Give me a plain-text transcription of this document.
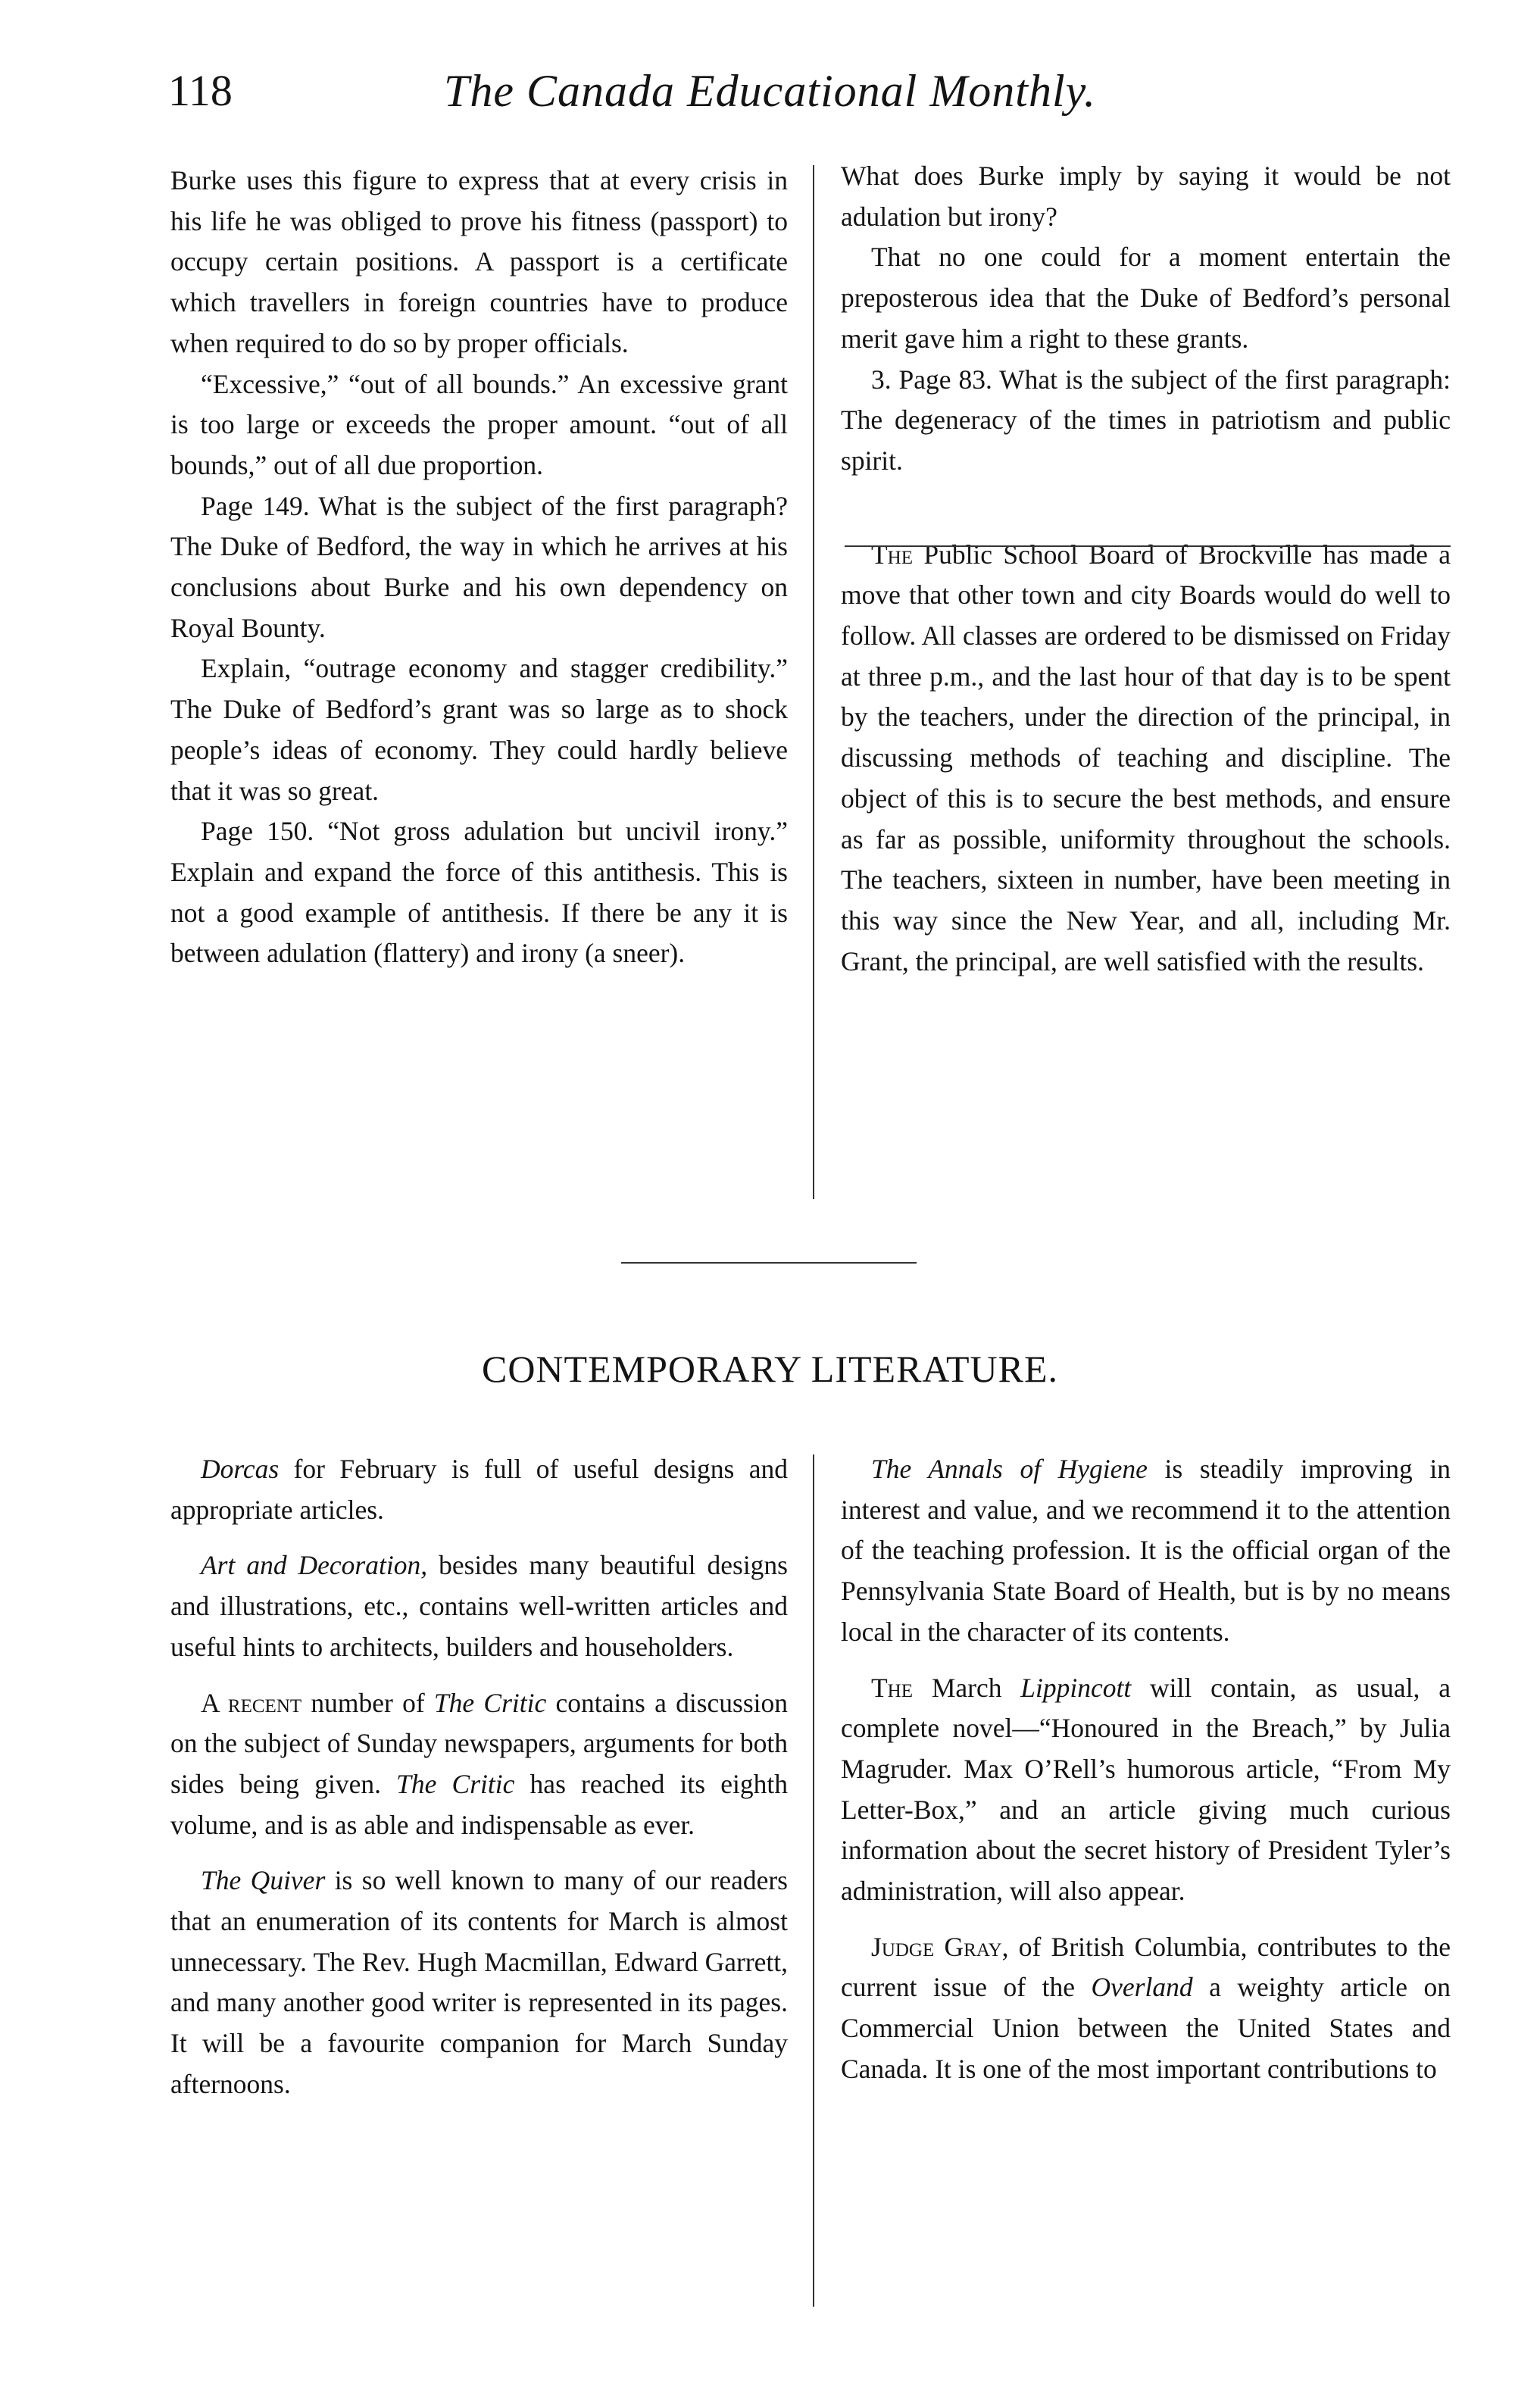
118	The Canada Educational Monthly.

Burke uses this figure to express that at every crisis in his life he was obliged to prove his fitness (passport) to occupy certain positions. A passport is a certificate which travellers in foreign countries have to produce when required to do so by proper officials.

“Excessive,” “out of all bounds.” An excessive grant is too large or exceeds the proper amount. “out of all bounds,” out of all due proportion.

Page 149. What is the subject of the first paragraph? The Duke of Bedford, the way in which he arrives at his conclusions about Burke and his own dependency on Royal Bounty.

Explain, “outrage economy and stagger credibility.” The Duke of Bedford’s grant was so large as to shock people’s ideas of economy. They could hardly believe that it was so great.

Page 150. “Not gross adulation but uncivil irony.” Explain and expand the force of this antithesis. This is not a good example of antithesis. If there be any it is between adulation (flattery) and irony (a sneer).

What does Burke imply by saying it would be not adulation but irony?

That no one could for a moment entertain the preposterous idea that the Duke of Bedford’s personal merit gave him a right to these grants.

3. Page 83. What is the subject of the first paragraph: The degeneracy of the times in patriotism and public spirit.

The Public School Board of Brockville has made a move that other town and city Boards would do well to follow. All classes are ordered to be dismissed on Friday at three p.m., and the last hour of that day is to be spent by the teachers, under the direction of the principal, in discussing methods of teaching and discipline. The object of this is to secure the best methods, and ensure as far as possible, uniformity throughout the schools. The teachers, sixteen in number, have been meeting in this way since the New Year, and all, including Mr. Grant, the principal, are well satisfied with the results.

CONTEMPORARY LITERATURE.

Dorcas for February is full of useful designs and appropriate articles.

Art and Decoration, besides many beautiful designs and illustrations, etc., contains well-written articles and useful hints to architects, builders and householders.

A recent number of The Critic contains a discussion on the subject of Sunday newspapers, arguments for both sides being given. The Critic has reached its eighth volume, and is as able and indispensable as ever.

The Quiver is so well known to many of our readers that an enumeration of its contents for March is almost unnecessary. The Rev. Hugh Macmillan, Edward Garrett, and many another good writer is represented in its pages. It will be a favourite companion for March Sunday afternoons.

The Annals of Hygiene is steadily improving in interest and value, and we recommend it to the attention of the teaching profession. It is the official organ of the Pennsylvania State Board of Health, but is by no means local in the character of its contents.

The March Lippincott will contain, as usual, a complete novel—“Honoured in the Breach,” by Julia Magruder. Max O’Rell’s humorous article, “From My Letter-Box,” and an article giving much curious information about the secret history of President Tyler’s administration, will also appear.

Judge Gray, of British Columbia, contributes to the current issue of the Overland a weighty article on Commercial Union between the United States and Canada. It is one of the most important contributions to
